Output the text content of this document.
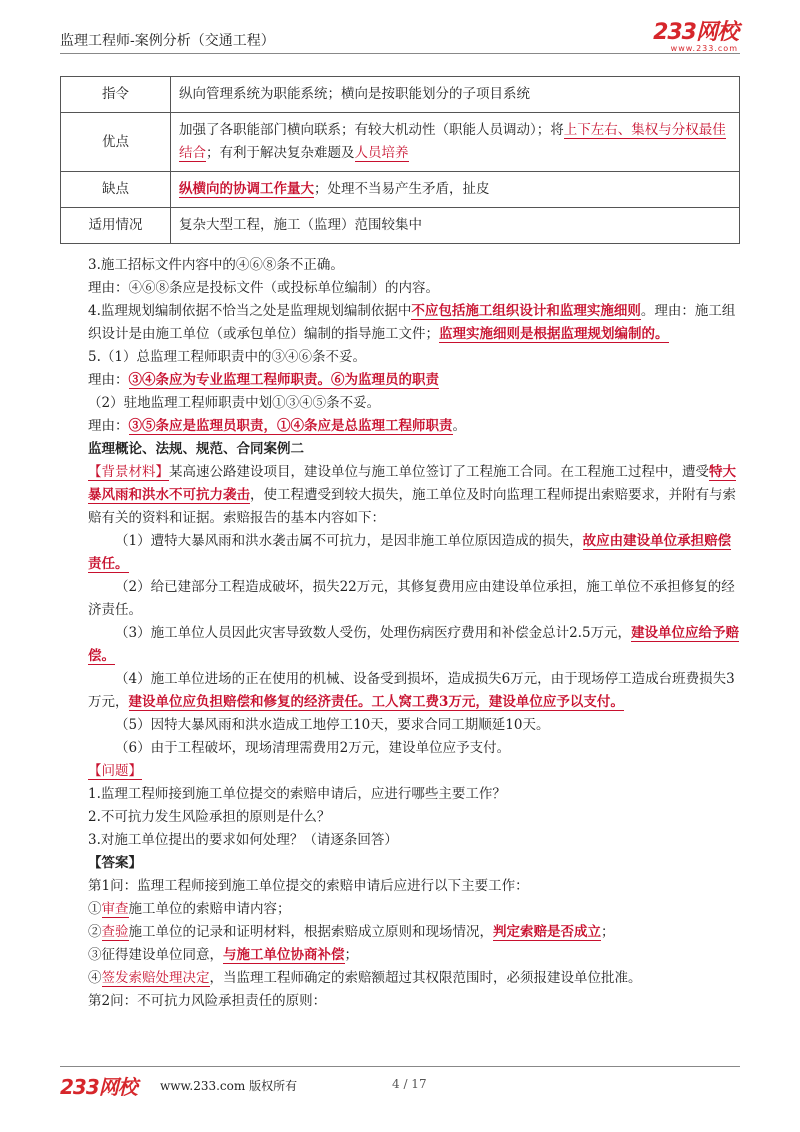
监理工程师-案例分析（交通工程）	233网校
www.233.com
指令	纵向管理系统为职能系统；横向是按职能划分的子项目系统
优点	加强了各职能部门横向联系；有较大机动性（职能人员调动）；将上下左右、集权与分权最佳结合；有利于解决复杂难题及人员培养
缺点	纵横向的协调工作量大；处理不当易产生矛盾，扯皮
适用情况	复杂大型工程，施工（监理）范围较集中

3.施工招标文件内容中的④⑥⑧条不正确。

理由：④⑥⑧条应是投标文件（或投标单位编制）的内容。

4.监理规划编制依据不恰当之处是监理规划编制依据中不应包括施工组织设计和监理实施细则。理由：施工组织设计是由施工单位（或承包单位）编制的指导施工文件；监理实施细则是根据监理规划编制的。

5.（1）总监理工程师职责中的③④⑥条不妥。

理由：③④条应为专业监理工程师职责。⑥为监理员的职责

（2）驻地监理工程师职责中划①③④⑤条不妥。

理由：③⑤条应是监理员职责，①④条应是总监理工程师职责。

监理概论、法规、规范、合同案例二

【背景材料】某高速公路建设项目，建设单位与施工单位签订了工程施工合同。在工程施工过程中，遭受特大暴风雨和洪水不可抗力袭击，使工程遭受到较大损失，施工单位及时向监理工程师提出索赔要求，并附有与索赔有关的资料和证据。索赔报告的基本内容如下：

（1）遭特大暴风雨和洪水袭击属不可抗力，是因非施工单位原因造成的损失，故应由建设单位承担赔偿责任。

（2）给已建部分工程造成破坏，损失22万元，其修复费用应由建设单位承担，施工单位不承担修复的经济责任。

（3）施工单位人员因此灾害导致数人受伤，处理伤病医疗费用和补偿金总计2.5万元，建设单位应给予赔偿。

（4）施工单位进场的正在使用的机械、设备受到损坏，造成损失6万元，由于现场停工造成台班费损失3万元，建设单位应负担赔偿和修复的经济责任。工人窝工费3万元，建设单位应予以支付。

（5）因特大暴风雨和洪水造成工地停工10天，要求合同工期顺延10天。

（6）由于工程破坏，现场清理需费用2万元，建设单位应予支付。

【问题】

1.监理工程师接到施工单位提交的索赔申请后，应进行哪些主要工作？

2.不可抗力发生风险承担的原则是什么？

3.对施工单位提出的要求如何处理？（请逐条回答）

【答案】

第1问：监理工程师接到施工单位提交的索赔申请后应进行以下主要工作：

①审查施工单位的索赔申请内容；

②查验施工单位的记录和证明材料，根据索赔成立原则和现场情况，判定索赔是否成立；

③征得建设单位同意，与施工单位协商补偿；

④签发索赔处理决定，当监理工程师确定的索赔额超过其权限范围时，必须报建设单位批准。

第2问：不可抗力风险承担责任的原则：

233网校 www.233.com 版权所有	4 / 17
